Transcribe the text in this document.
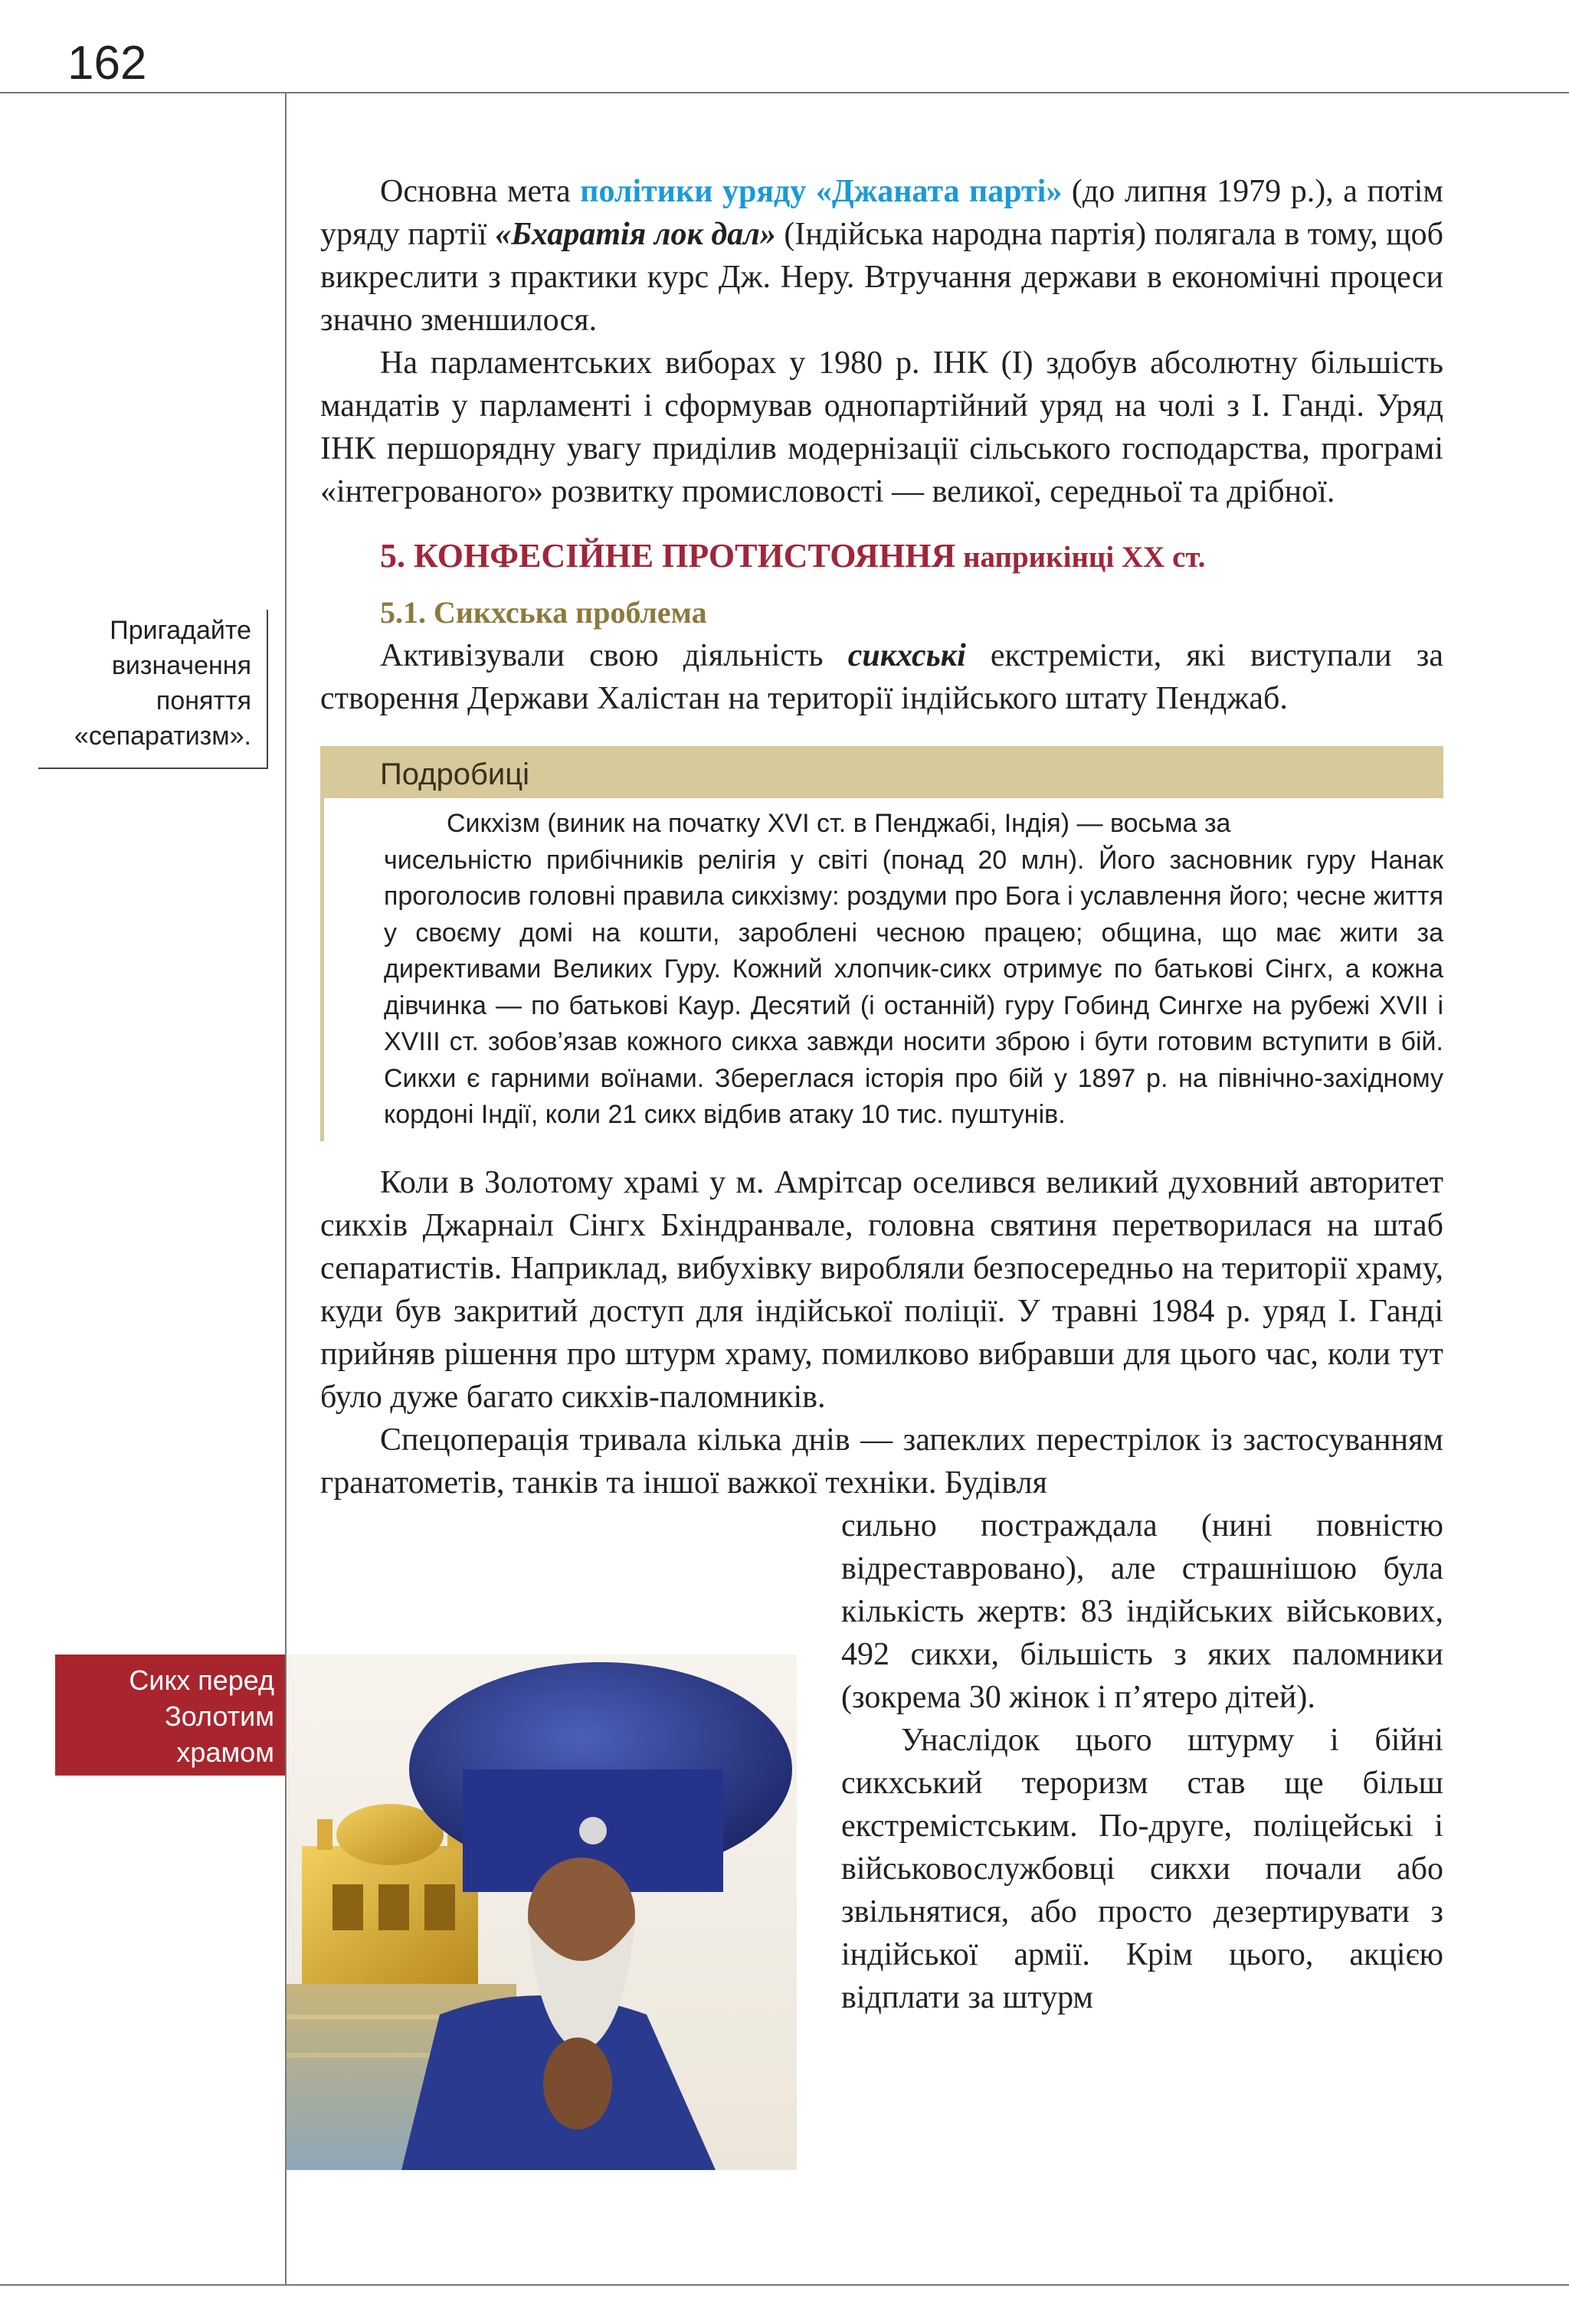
162
Пригадайте
визначення
поняття
«сепаратизм».

Основна мета політики уряду «Джаната парті» (до липня 1979 р.), а потім уряду партії «Бхаратія лок дал» (Індійська народна партія) полягала в тому, щоб викреслити з практики курс Дж. Неру. Втручання держави в економічні процеси значно зменшилося.

На парламентських виборах у 1980 р. ІНК (І) здобув абсолютну більшість мандатів у парламенті і сформував однопартійний уряд на чолі з І. Ганді. Уряд ІНК першорядну увагу приділив модернізації сільського господарства, програмі «інтегрованого» розвитку промисловості — великої, середньої та дрібної.

5. КОНФЕСІЙНЕ ПРОТИСТОЯННЯ наприкінці ХХ ст.
5.1. Сикхська проблема

Активізували свою діяльність сикхські екстремісти, які виступали за створення Держави Халістан на території індійського штату Пенджаб.

Подробиці

Сикхізм (виник на початку XVI ст. в Пенджабі, Індія) — восьма за

чисельністю прибічників релігія у світі (понад 20 млн). Його засновник гуру Нанак проголосив головні правила сикхізму: роздуми про Бога і уславлення його; чесне життя у своєму домі на кошти, зароблені чесною працею; община, що має жити за директивами Великих Гуру. Кожний хлопчик-сикх отримує по батькові Сінгх, а кожна дівчинка — по батькові Каур. Десятий (і останній) гуру Гобинд Сингхе на рубежі XVII і XVIII ст. зобов’язав кожного сикха завжди носити зброю і бути готовим вступити в бій. Сикхи є гарними воїнами. Збереглася історія про бій у 1897 р. на північно-західному кордоні Індії, коли 21 сикх відбив атаку 10 тис. пуштунів.

Коли в Золотому храмі у м. Амрітсар оселився великий духовний авторитет сикхів Джарнаіл Сінгх Бхіндранвале, головна святиня перетворилася на штаб сепаратистів. Наприклад, вибухівку виробляли безпосередньо на території храму, куди був закритий доступ для індійської поліції. У травні 1984 р. уряд І. Ганді прийняв рішення про штурм храму, помилково вибравши для цього час, коли тут було дуже багато сикхів-паломників.

Спецоперація тривала кілька днів — запеклих перестрілок із застосуванням гранатометів, танків та іншої важкої техніки. Будівля

сильно постраждала (нині повністю відреставровано), але страшнішою була кількість жертв: 83 індійських військових, 492 сикхи, більшість з яких паломники (зокрема 30 жінок і п’ятеро дітей).

Унаслідок цього штурму і бійні сикхський тероризм став ще більш екстремістським. По-друге, поліцейські і військовослужбовці сикхи почали або звільнятися, або просто дезертирувати з індійської армії. Крім цього, акцією відплати за штурм

Сикх перед
Золотим
храмом
